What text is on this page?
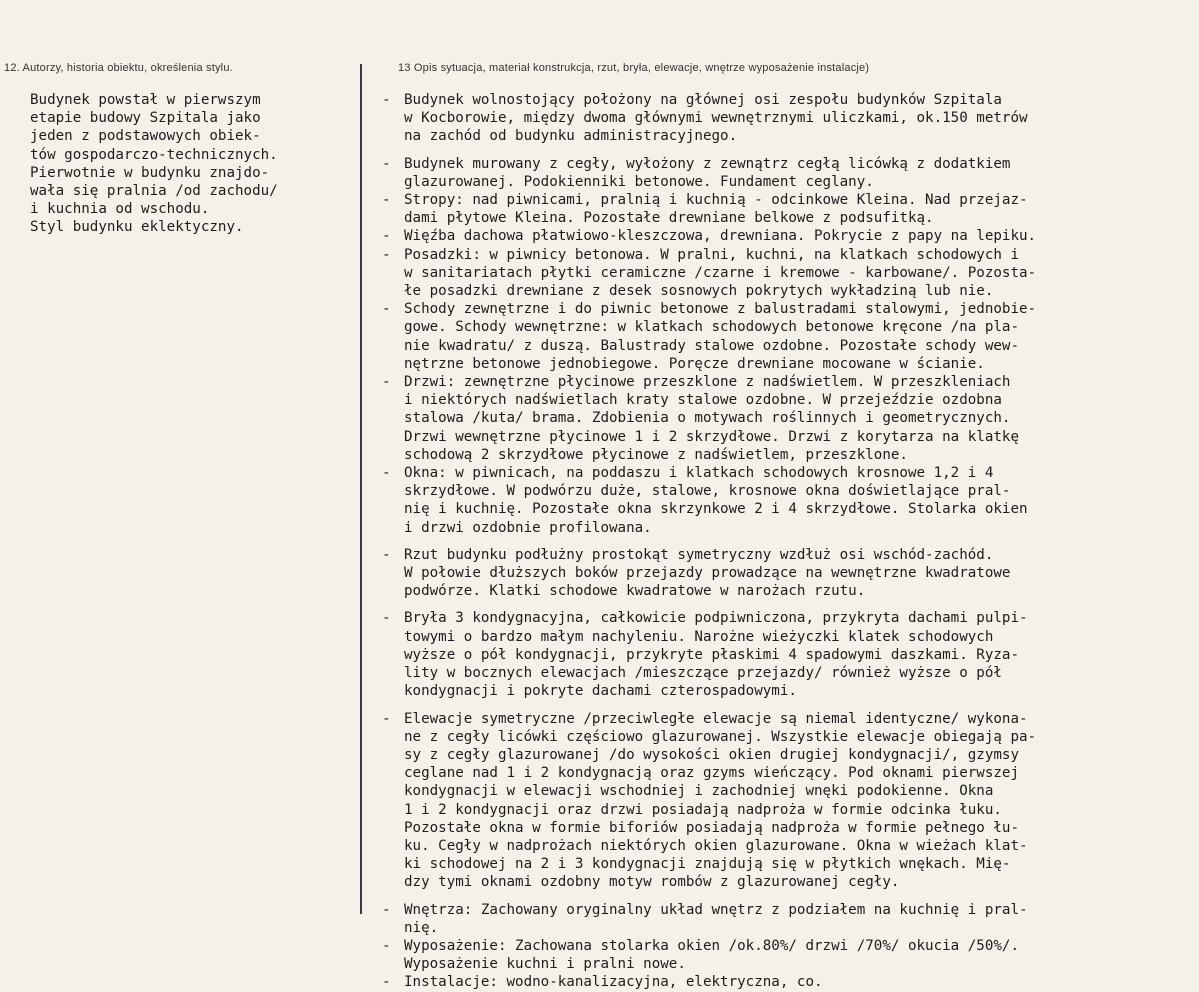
12. Autorzy, historia obiektu, określenia stylu.	13 Opis sytuacja, materiał konstrukcja, rzut, bryła, elewacje, wnętrze wyposażenie instalacje)
Budynek powstał w pierwszym
etapie budowy Szpitala jako
jeden z podstawowych obiek-
tów gospodarczo-technicznych.
Pierwotnie w budynku znajdo-
wała się pralnia /od zachodu/
i kuchnia od wschodu.
Styl budynku eklektyczny.
- Budynek wolnostojący położony na głównej osi zespołu budynków Szpitala
w Kocborowie, między dwoma głównymi wewnętrznymi uliczkami, ok.150 metrów
na zachód od budynku administracyjnego.
- Budynek murowany z cegły, wyłożony z zewnątrz cegłą licówką z dodatkiem
glazurowanej. Podokienniki betonowe. Fundament ceglany.
- Stropy: nad piwnicami, pralnią i kuchnią - odcinkowe Kleina. Nad przejaz-
dami płytowe Kleina. Pozostałe drewniane belkowe z podsufitką.
- Więźba dachowa płatwiowo-kleszczowa, drewniana. Pokrycie z papy na lepiku.
- Posadzki: w piwnicy betonowa. W pralni, kuchni, na klatkach schodowych i
w sanitariatach płytki ceramiczne /czarne i kremowe - karbowane/. Pozosta-
łe posadzki drewniane z desek sosnowych pokrytych wykładziną lub nie.
- Schody zewnętrzne i do piwnic betonowe z balustradami stalowymi, jednobie-
gowe. Schody wewnętrzne: w klatkach schodowych betonowe kręcone /na pla-
nie kwadratu/ z duszą. Balustrady stalowe ozdobne. Pozostałe schody wew-
nętrzne betonowe jednobiegowe. Poręcze drewniane mocowane w ścianie.
- Drzwi: zewnętrzne płycinowe przeszklone z nadświetlem. W przeszkleniach
i niektórych nadświetlach kraty stalowe ozdobne. W przejeździe ozdobna
stalowa /kuta/ brama. Zdobienia o motywach roślinnych i geometrycznych.
Drzwi wewnętrzne płycinowe 1 i 2 skrzydłowe. Drzwi z korytarza na klatkę
schodową 2 skrzydłowe płycinowe z nadświetlem, przeszklone.
- Okna: w piwnicach, na poddaszu i klatkach schodowych krosnowe 1,2 i 4
skrzydłowe. W podwórzu duże, stalowe, krosnowe okna doświetlające pral-
nię i kuchnię. Pozostałe okna skrzynkowe 2 i 4 skrzydłowe. Stolarka okien
i drzwi ozdobnie profilowana.
- Rzut budynku podłużny prostokąt symetryczny wzdłuż osi wschód-zachód.
W połowie dłuższych boków przejazdy prowadzące na wewnętrzne kwadratowe
podwórze. Klatki schodowe kwadratowe w narożach rzutu.
- Bryła 3 kondygnacyjna, całkowicie podpiwniczona, przykryta dachami pulpi-
towymi o bardzo małym nachyleniu. Narożne wieżyczki klatek schodowych
wyższe o pół kondygnacji, przykryte płaskimi 4 spadowymi daszkami. Ryza-
lity w bocznych elewacjach /mieszczące przejazdy/ również wyższe o pół
kondygnacji i pokryte dachami czterospadowymi.
- Elewacje symetryczne /przeciwległe elewacje są niemal identyczne/ wykona-
ne z cegły licówki częściowo glazurowanej. Wszystkie elewacje obiegają pa-
sy z cegły glazurowanej /do wysokości okien drugiej kondygnacji/, gzymsy
ceglane nad 1 i 2 kondygnacją oraz gzyms wieńczący. Pod oknami pierwszej
kondygnacji w elewacji wschodniej i zachodniej wnęki podokienne. Okna
1 i 2 kondygnacji oraz drzwi posiadają nadproża w formie odcinka łuku.
Pozostałe okna w formie biforiów posiadają nadproża w formie pełnego łu-
ku. Cegły w nadprożach niektórych okien glazurowane. Okna w wieżach klat-
ki schodowej na 2 i 3 kondygnacji znajdują się w płytkich wnękach. Mię-
dzy tymi oknami ozdobny motyw rombów z glazurowanej cegły.
- Wnętrza: Zachowany oryginalny układ wnętrz z podziałem na kuchnię i pral-
nię.
- Wyposażenie: Zachowana stolarka okien /ok.80%/ drzwi /70%/ okucia /50%/.
Wyposażenie kuchni i pralni nowe.
- Instalacje: wodno-kanalizacyjna, elektryczna, co.
